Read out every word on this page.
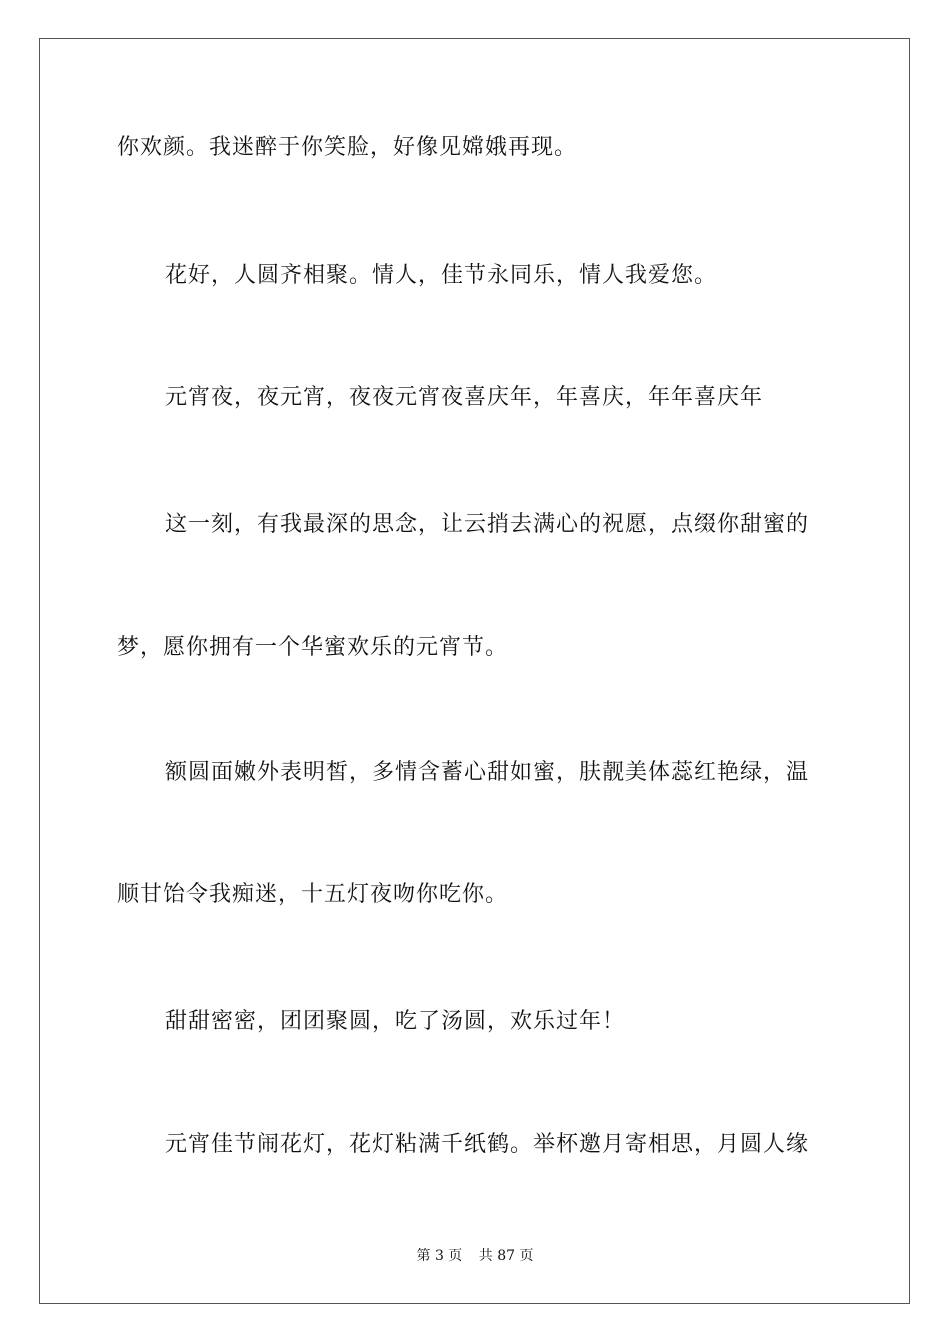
你欢颜。我迷醉于你笑脸，好像见嫦娥再现。
花好，人圆齐相聚。情人，佳节永同乐，情人我爱您。
元宵夜，夜元宵，夜夜元宵夜喜庆年，年喜庆，年年喜庆年
这一刻，有我最深的思念，让云捎去满心的祝愿，点缀你甜蜜的
梦，愿你拥有一个华蜜欢乐的元宵节。
额圆面嫩外表明皙，多情含蓄心甜如蜜，肤靓美体蕊红艳绿，温
顺甘饴令我痴迷，十五灯夜吻你吃你。
甜甜密密，团团聚圆，吃了汤圆，欢乐过年！
元宵佳节闹花灯，花灯粘满千纸鹤。举杯邀月寄相思，月圆人缘
第 3 页 共 87 页
